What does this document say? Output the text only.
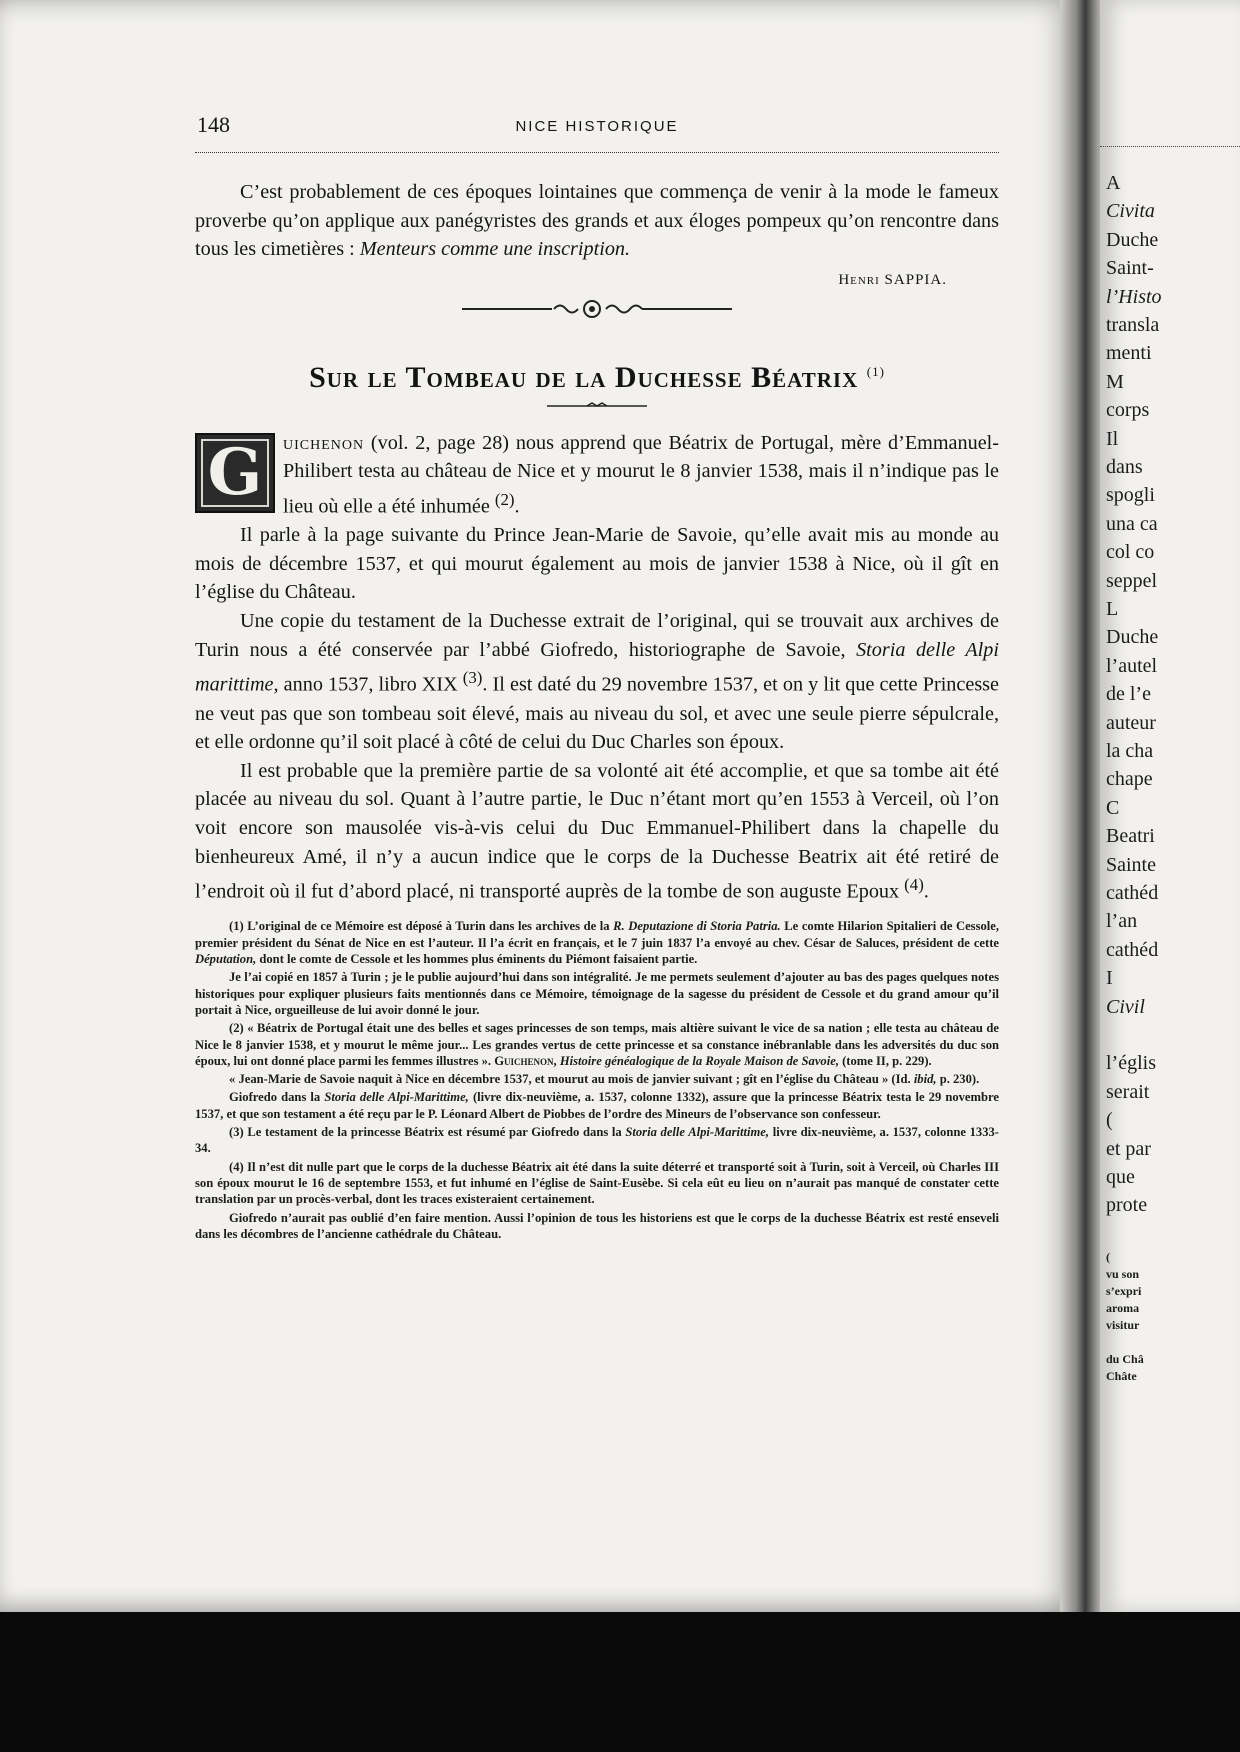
148	NICE HISTORIQUE

C’est probablement de ces époques lointaines que commença de venir à la mode le fameux proverbe qu’on applique aux panégyristes des grands et aux éloges pompeux qu’on rencontre dans tous les cimetières : Menteurs comme une inscription.

Henri SAPPIA.
Sur le Tombeau de la Duchesse Béatrix $^{(1)}$
G	uichenon (vol. 2, page 28) nous apprend que Béatrix de Portugal, mère d’Emmanuel-Philibert testa au château de Nice et y mourut le 8 janvier 1538, mais il n’indique pas le lieu où elle a été inhumée $^{(2)}$.

Il parle à la page suivante du Prince Jean-Marie de Savoie, qu’elle avait mis au monde au mois de décembre 1537, et qui mourut également au mois de janvier 1538 à Nice, où il gît en l’église du Château.

Une copie du testament de la Duchesse extrait de l’original, qui se trouvait aux archives de Turin nous a été conservée par l’abbé Giofredo, historiographe de Savoie, Storia delle Alpi marittime, anno 1537, libro XIX $^{(3)}$. Il est daté du 29 novembre 1537, et on y lit que cette Princesse ne veut pas que son tombeau soit élevé, mais au niveau du sol, et avec une seule pierre sépulcrale, et elle ordonne qu’il soit placé à côté de celui du Duc Charles son époux.

Il est probable que la première partie de sa volonté ait été accomplie, et que sa tombe ait été placée au niveau du sol. Quant à l’autre partie, le Duc n’étant mort qu’en 1553 à Verceil, où l’on voit encore son mausolée vis-à-vis celui du Duc Emmanuel-Philibert dans la chapelle du bienheureux Amé, il n’y a aucun indice que le corps de la Duchesse Beatrix ait été retiré de l’endroit où il fut d’abord placé, ni transporté auprès de la tombe de son auguste Epoux $^{(4)}$.

(1) L’original de ce Mémoire est déposé à Turin dans les archives de la R. Deputazione di Storia Patria. Le comte Hilarion Spitalieri de Cessole, premier président du Sénat de Nice en est l’auteur. Il l’a écrit en français, et le 7 juin 1837 l’a envoyé au chev. César de Saluces, président de cette Députation, dont le comte de Cessole et les hommes plus éminents du Piémont faisaient partie.

Je l’ai copié en 1857 à Turin ; je le publie aujourd’hui dans son intégralité. Je me permets seulement d’ajouter au bas des pages quelques notes historiques pour expliquer plusieurs faits mentionnés dans ce Mémoire, témoignage de la sagesse du président de Cessole et du grand amour qu’il portait à Nice, orgueilleuse de lui avoir donné le jour.

(2) « Béatrix de Portugal était une des belles et sages princesses de son temps, mais altière suivant le vice de sa nation ; elle testa au château de Nice le 8 janvier 1538, et y mourut le même jour... Les grandes vertus de cette princesse et sa constance inébranlable dans les adversités du duc son époux, lui ont donné place parmi les femmes illustres ». Guichenon, Histoire généalogique de la Royale Maison de Savoie, (tome II, p. 229).

« Jean-Marie de Savoie naquit à Nice en décembre 1537, et mourut au mois de janvier suivant ; gît en l’église du Château » (Id. ibid, p. 230).

Giofredo dans la Storia delle Alpi-Marittime, (livre dix-neuvième, a. 1537, colonne 1332), assure que la princesse Béatrix testa le 29 novembre 1537, et que son testament a été reçu par le P. Léonard Albert de Piobbes de l’ordre des Mineurs de l’observance son confesseur.

(3) Le testament de la princesse Béatrix est résumé par Giofredo dans la Storia delle Alpi-Marittime, livre dix-neuvième, a. 1537, colonne 1333-34.

(4) Il n’est dit nulle part que le corps de la duchesse Béatrix ait été dans la suite déterré et transporté soit à Turin, soit à Verceil, où Charles III son époux mourut le 16 de septembre 1553, et fut inhumé en l’église de Saint-Eusèbe. Si cela eût eu lieu on n’aurait pas manqué de constater cette translation par un procès-verbal, dont les traces existeraient certainement.

Giofredo n’aurait pas oublié d’en faire mention. Aussi l’opinion de tous les historiens est que le corps de la duchesse Béatrix est resté enseveli dans les décombres de l’ancienne cathédrale du Château.

A
Civita
Duche
Saint-
l’Histo
transla
menti
M
corps
Il
dans
spogli
una ca
col co
seppel
L
Duche
l’autel
de l’e
auteur
la cha
chape
C
Beatri
Sainte
cathéd
l’an
cathéd
I
Civil
l’églis
serait
(
et par
que
prote
(
vu son
s’expri
aroma
visitur
du Châ
Châte
